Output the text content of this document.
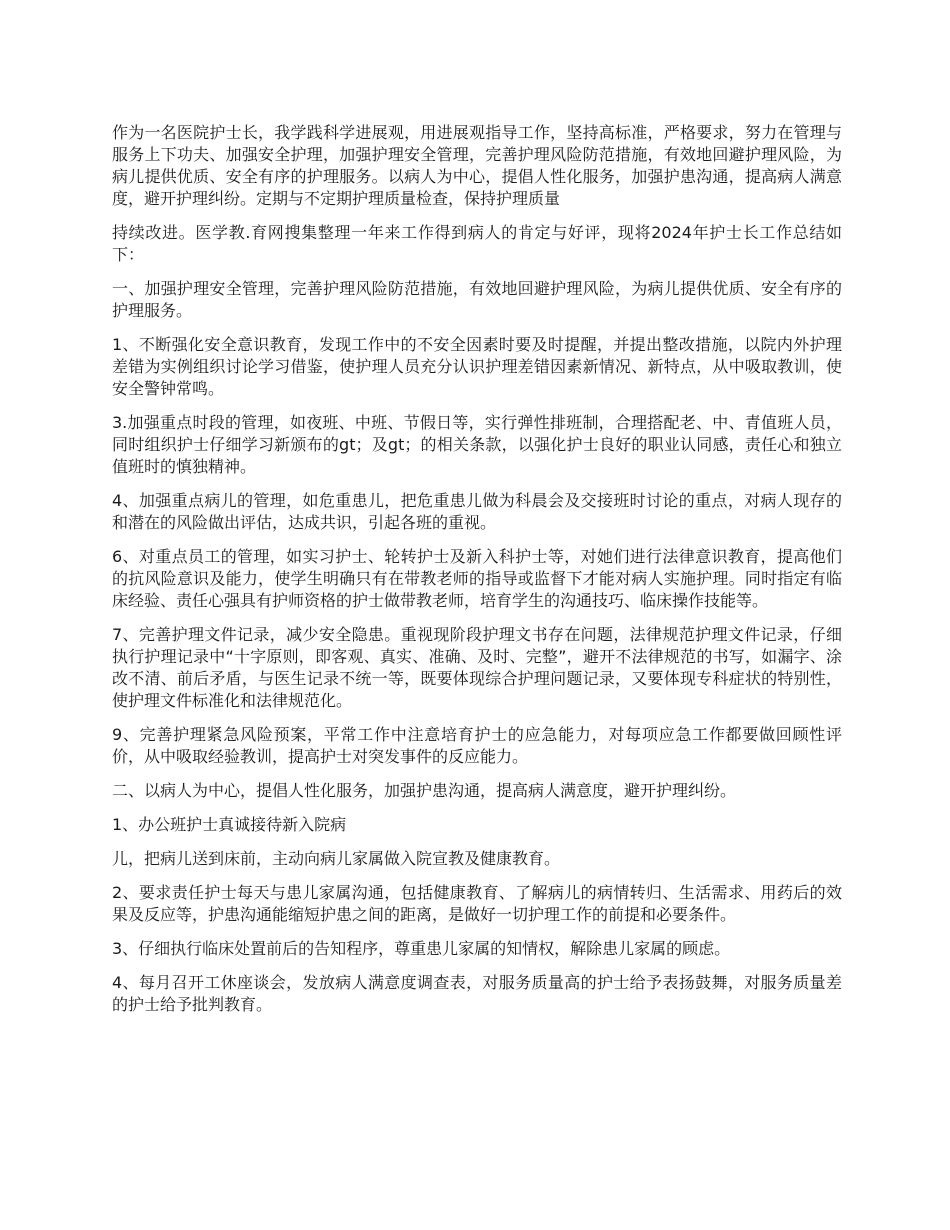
作为一名医院护士长，我学践科学进展观，用进展观指导工作，坚持高标准，严格要求，努力在管理与服务上下功夫、加强安全护理，加强护理安全管理，完善护理风险防范措施，有效地回避护理风险，为病儿提供优质、安全有序的护理服务。以病人为中心，提倡人性化服务，加强护患沟通，提高病人满意度，避开护理纠纷。定期与不定期护理质量检查，保持护理质量

持续改进。医学教.育网搜集整理一年来工作得到病人的肯定与好评，现将2024年护士长工作总结如下：

一、加强护理安全管理，完善护理风险防范措施，有效地回避护理风险，为病儿提供优质、安全有序的护理服务。

1、不断强化安全意识教育，发现工作中的不安全因素时要及时提醒，并提出整改措施，以院内外护理差错为实例组织讨论学习借鉴，使护理人员充分认识护理差错因素新情况、新特点，从中吸取教训，使安全警钟常鸣。

3.加强重点时段的管理，如夜班、中班、节假日等，实行弹性排班制，合理搭配老、中、青值班人员，同时组织护士仔细学习新颁布的gt；及gt；的相关条款，以强化护士良好的职业认同感，责任心和独立值班时的慎独精神。

4、加强重点病儿的管理，如危重患儿，把危重患儿做为科晨会及交接班时讨论的重点，对病人现存的和潜在的风险做出评估，达成共识，引起各班的重视。

6、对重点员工的管理，如实习护士、轮转护士及新入科护士等，对她们进行法律意识教育，提高他们的抗风险意识及能力，使学生明确只有在带教老师的指导或监督下才能对病人实施护理。同时指定有临床经验、责任心强具有护师资格的护士做带教老师，培育学生的沟通技巧、临床操作技能等。

7、完善护理文件记录，减少安全隐患。重视现阶段护理文书存在问题，法律规范护理文件记录，仔细执行护理记录中“十字原则，即客观、真实、准确、及时、完整”，避开不法律规范的书写，如漏字、涂改不清、前后矛盾，与医生记录不统一等，既要体现综合护理问题记录，又要体现专科症状的特别性，使护理文件标准化和法律规范化。

9、完善护理紧急风险预案，平常工作中注意培育护士的应急能力，对每项应急工作都要做回顾性评价，从中吸取经验教训，提高护士对突发事件的反应能力。

二、以病人为中心，提倡人性化服务，加强护患沟通，提高病人满意度，避开护理纠纷。

1、办公班护士真诚接待新入院病

儿，把病儿送到床前，主动向病儿家属做入院宣教及健康教育。

2、要求责任护士每天与患儿家属沟通，包括健康教育、了解病儿的病情转归、生活需求、用药后的效果及反应等，护患沟通能缩短护患之间的距离，是做好一切护理工作的前提和必要条件。

3、仔细执行临床处置前后的告知程序，尊重患儿家属的知情权，解除患儿家属的顾虑。

4、每月召开工休座谈会，发放病人满意度调查表，对服务质量高的护士给予表扬鼓舞，对服务质量差的护士给予批判教育。
